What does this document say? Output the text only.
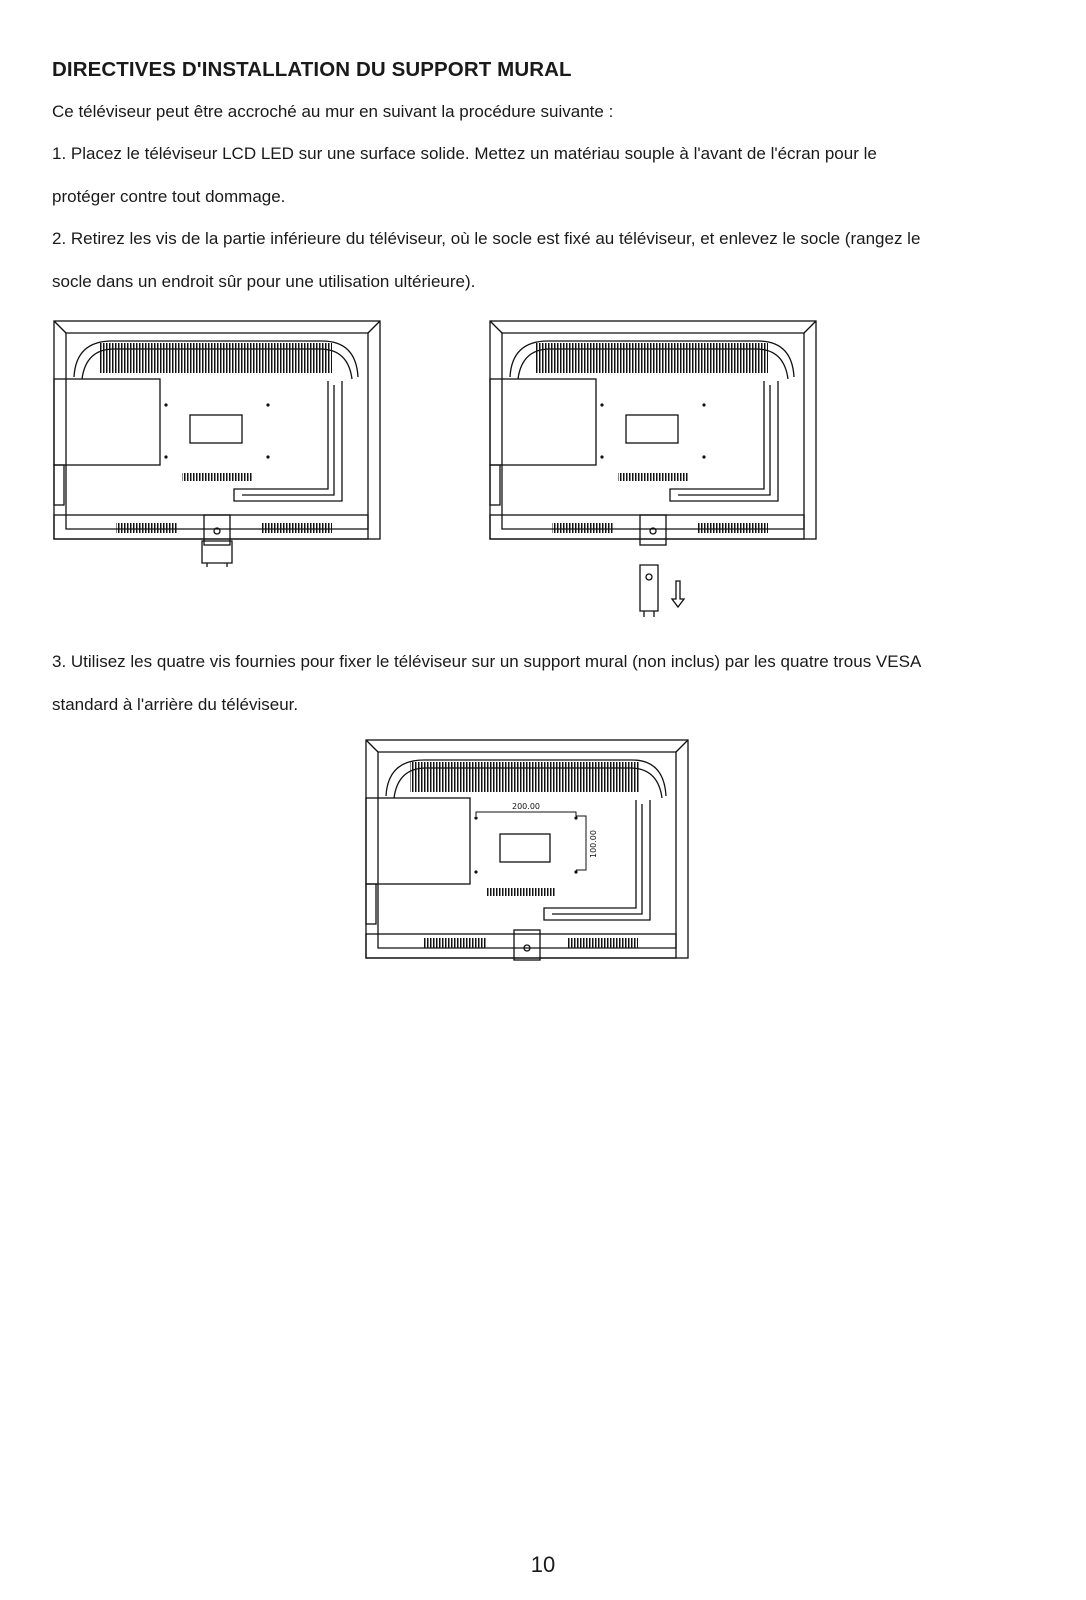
DIRECTIVES D'INSTALLATION DU SUPPORT MURAL
Ce téléviseur peut être accroché au mur en suivant la procédure suivante :
1. Placez le téléviseur LCD LED sur une surface solide. Mettez un matériau souple à l'avant de l'écran pour le
protéger contre tout dommage.
2. Retirez les vis de la partie inférieure du téléviseur, où le socle est fixé au téléviseur, et enlevez le socle (rangez le
socle dans un endroit sûr pour une utilisation ultérieure).
3. Utilisez les quatre vis fournies pour fixer le téléviseur sur un support mural (non inclus) par les quatre trous VESA
standard à l'arrière du téléviseur.
200.00
100.00
10
